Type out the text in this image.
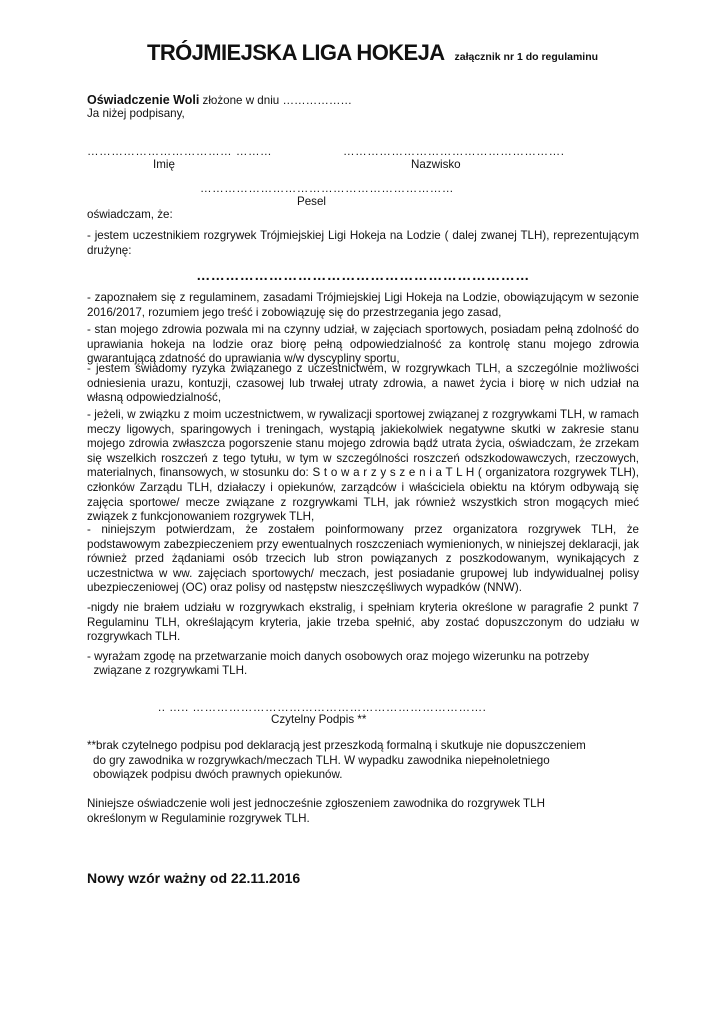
TRÓJMIEJSKA LIGA HOKEJA załącznik nr 1 do regulaminu
Oświadczenie Woli złożone w dniu ………………
Ja niżej podpisany,
……………………………… ………
Imię
……………………………………………….
Nazwisko
………………………………………………………
Pesel
oświadczam, że:
- jestem uczestnikiem rozgrywek Trójmiejskiej Ligi Hokeja na Lodzie ( dalej zwanej TLH), reprezentującym drużynę:
……………………………………………………………
- zapoznałem się z regulaminem, zasadami Trójmiejskiej Ligi Hokeja na Lodzie, obowiązującym w sezonie 2016/2017, rozumiem jego treść i zobowiązuję się do przestrzegania jego zasad,
- stan mojego zdrowia pozwala mi na czynny udział, w zajęciach sportowych, posiadam pełną zdolność do uprawiania hokeja na lodzie oraz biorę pełną odpowiedzialność za kontrolę stanu mojego zdrowia gwarantującą zdatność do uprawiania w/w dyscypliny sportu,
- jestem świadomy ryzyka związanego z uczestnictwem, w rozgrywkach TLH, a szczególnie możliwości odniesienia urazu, kontuzji, czasowej lub trwałej utraty zdrowia, a nawet życia i biorę w nich udział na własną odpowiedzialność,
- jeżeli, w związku z moim uczestnictwem, w rywalizacji sportowej związanej z rozgrywkami TLH, w ramach meczy ligowych, sparingowych i treningach, wystąpią jakiekolwiek negatywne skutki w zakresie stanu mojego zdrowia zwłaszcza pogorszenie stanu mojego zdrowia bądź utrata życia, oświadczam, że zrzekam się wszelkich roszczeń z tego tytułu, w tym w szczególności roszczeń odszkodowawczych, rzeczowych, materialnych, finansowych, w stosunku do: S t o w a r z y s z e n i a T L H ( organizatora rozgrywek TLH), członków Zarządu TLH, działaczy i opiekunów, zarządców i właściciela obiektu na którym odbywają się zajęcia sportowe/ mecze związane z rozgrywkami TLH, jak również wszystkich stron mogących mieć związek z funkcjonowaniem rozgrywek TLH,
- niniejszym potwierdzam, że zostałem poinformowany przez organizatora rozgrywek TLH, że podstawowym zabezpieczeniem przy ewentualnych roszczeniach wymienionych, w niniejszej deklaracji, jak również przed żądaniami osób trzecich lub stron powiązanych z poszkodowanym, wynikających z uczestnictwa w ww. zajęciach sportowych/ meczach, jest posiadanie grupowej lub indywidualnej polisy ubezpieczeniowej (OC) oraz polisy od następstw nieszczęśliwych wypadków (NNW).
-nigdy nie brałem udziału w rozgrywkach ekstralig, i spełniam kryteria określone w paragrafie 2 punkt 7 Regulaminu TLH, określającym kryteria, jakie trzeba spełnić, aby zostać dopuszczonym do udziału w rozgrywkach TLH.
- wyrażam zgodę na przetwarzanie moich danych osobowych oraz mojego wizerunku na potrzeby
związane z rozgrywkami TLH.
.. ….. ……………………………………………………………….
Czytelny Podpis **
**brak czytelnego podpisu pod deklaracją jest przeszkodą formalną i skutkuje nie dopuszczeniem do gry zawodnika w rozgrywkach/meczach TLH. W wypadku zawodnika niepełnoletniego obowiązek podpisu dwóch prawnych opiekunów.
Niniejsze oświadczenie woli jest jednocześnie zgłoszeniem zawodnika do rozgrywek TLH określonym w Regulaminie rozgrywek TLH.
Nowy wzór ważny od 22.11.2016
